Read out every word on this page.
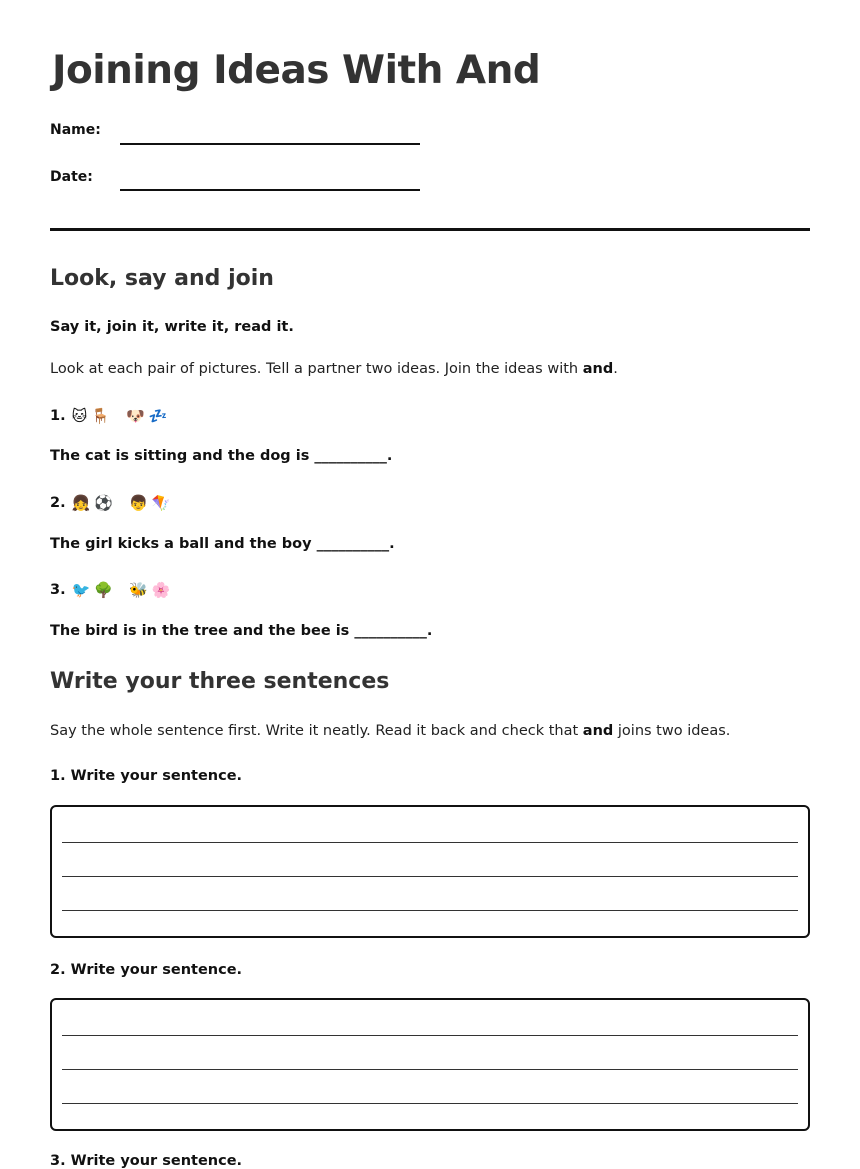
Joining Ideas With And
Name:
Date:
Look, say and join
Say it, join it, write it, read it.
Look at each pair of pictures. Tell a partner two ideas. Join the ideas with and.
1. 🐱 🪑 🐶 💤
The cat is sitting and the dog is __________.
2. 👧 ⚽ 👦 🪁
The girl kicks a ball and the boy __________.
3. 🐦 🌳 🐝 🌸
The bird is in the tree and the bee is __________.
Write your three sentences
Say the whole sentence first. Write it neatly. Read it back and check that and joins two ideas.
1. Write your sentence.
2. Write your sentence.
3. Write your sentence.
